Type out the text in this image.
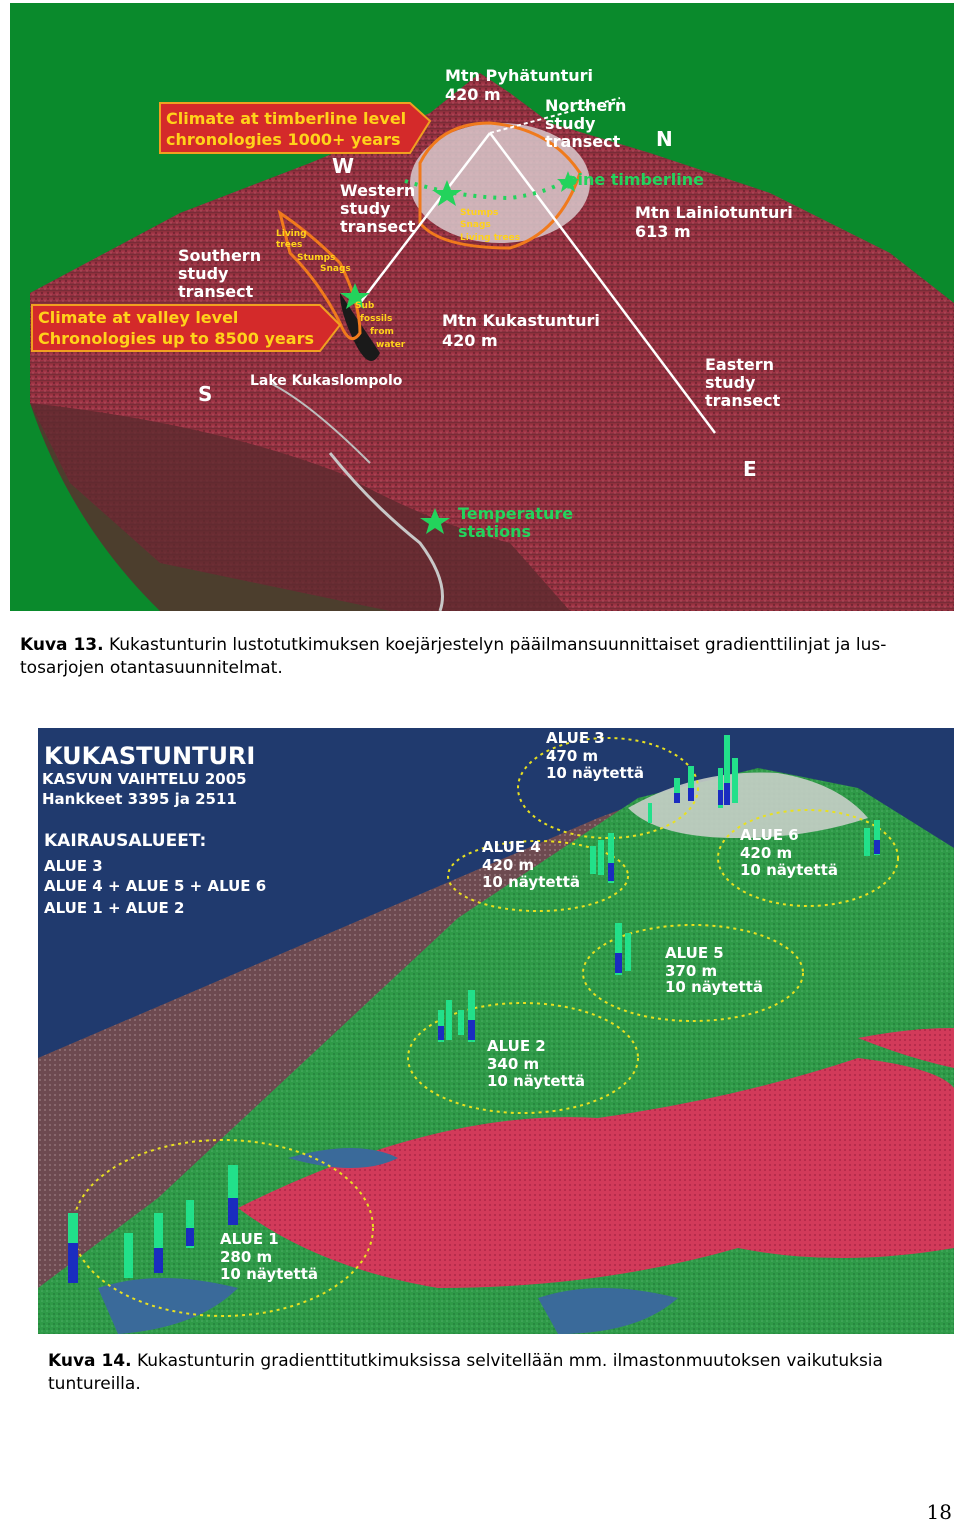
Climate at timberline level
chronologies 1000+ years
Climate at valley level
Chronologies up to 8500 years
Mtn Pyhätunturi
420 m
Northern
study
transect N
W
Western
study
transect
Mtn Lainiotunturi
613 m
Southern
study
transect
Mtn Kukastunturi
420 m
Lake Kukaslompolo
S
Eastern
study
transect
E
pine timberline
Stumps
Snags
Living trees
Living
trees
Stumps
Snags
Sub
fossils
from
water
Temperature
stations
Kuva 13. Kukastunturin lustotutkimuksen koejärjestelyn pääilmansuunnittaiset gradienttilinjat ja lus-tosarjojen otantasuunnitelmat.
KUKASTUNTURI
KASVUN VAIHTELU 2005
Hankkeet 3395 ja 2511
KAIRAUSALUEET:
ALUE 3
ALUE 4 + ALUE 5 + ALUE 6
ALUE 1 + ALUE 2
ALUE 3
470 m
10 näytettä
ALUE 4
420 m
10 näytettä
ALUE 6
420 m
10 näytettä
ALUE 5
370 m
10 näytettä
ALUE 2
340 m
10 näytettä
ALUE 1
280 m
10 näytettä
Kuva 14. Kukastunturin gradienttitutkimuksissa selvitellään mm. ilmastonmuutoksen vaikutuksia tuntureilla.
18
